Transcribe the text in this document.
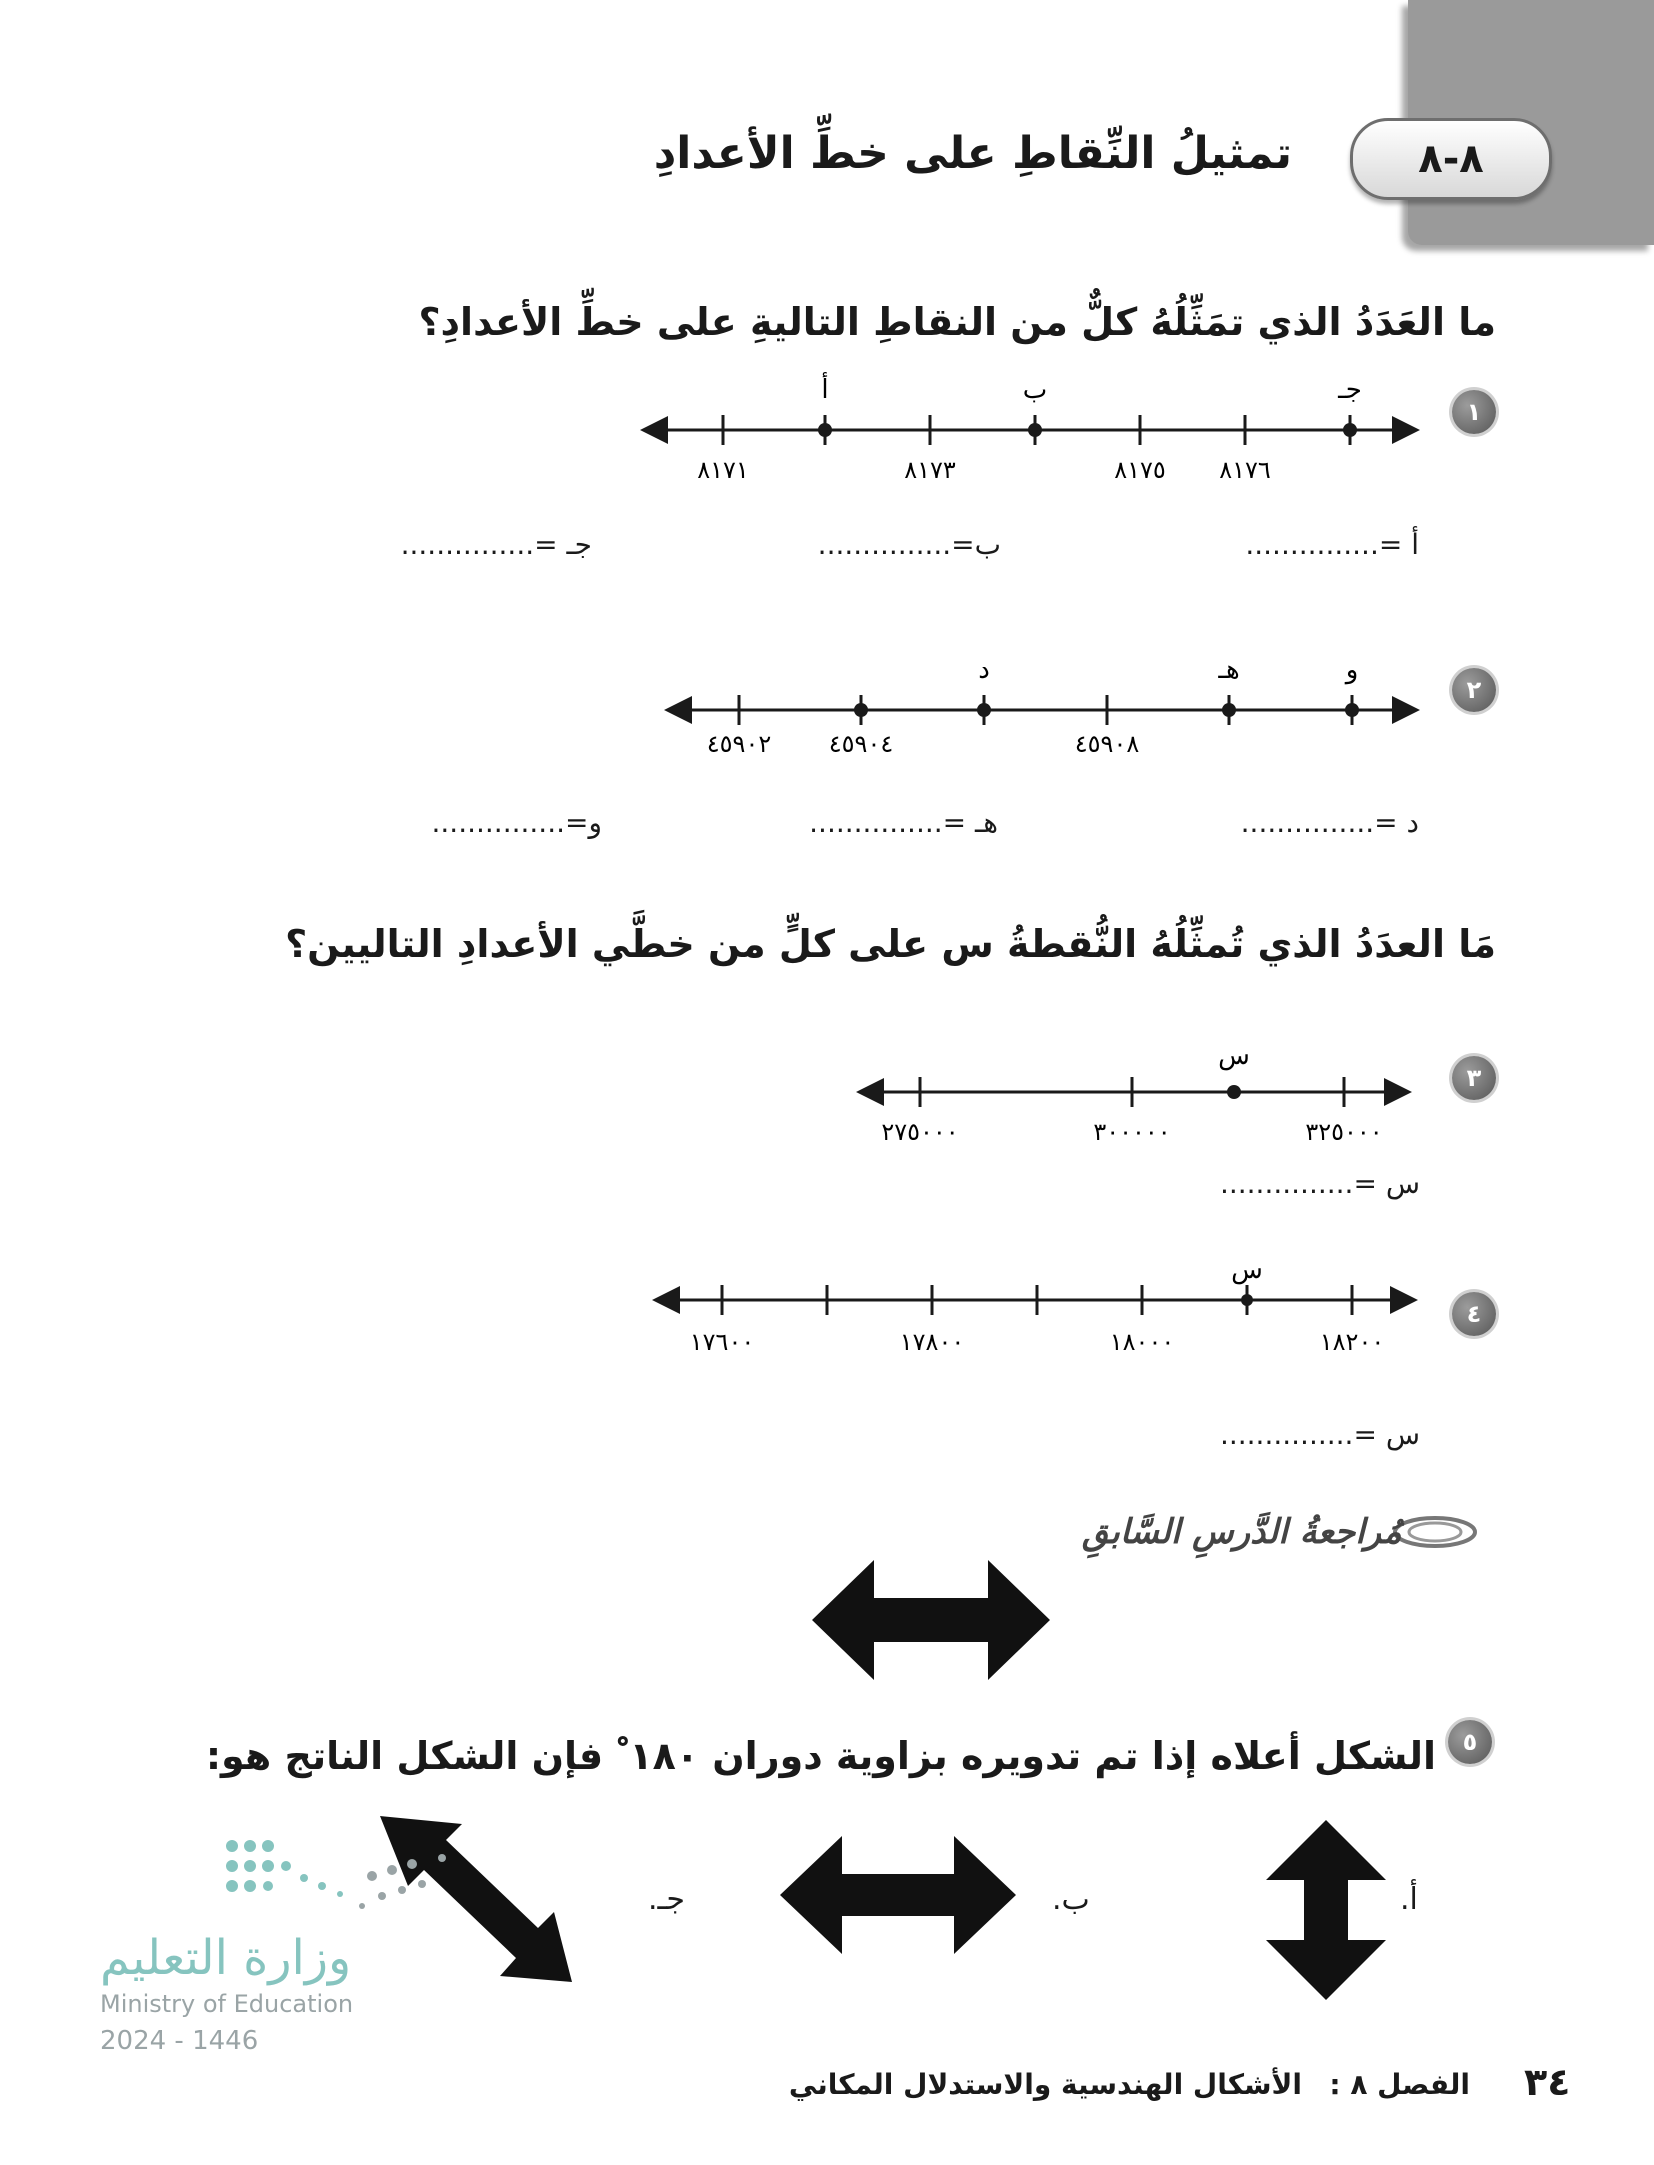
٨-٨
تمثيلُ النِّقاطِ على خطِّ الأعدادِ
ما العَدَدُ الذي تمَثِّلُهُ كلٌّ من النقاطِ التاليةِ على خطِّ الأعدادِ؟
١
أ	ب	جـ
٨١٧١	٨١٧٣	٨١٧٥ ٨١٧٦
أ =...............
ب=...............
جـ =...............
٢
د	هـ	و
٤٥٩٠٢ ٤٥٩٠٤	٤٥٩٠٨
د =...............
هـ =...............
و=...............
مَا العدَدُ الذي تُمثِّلُهُ النُّقطةُ س على كلٍّ من خطَّي الأعدادِ التاليين؟
٣
س
٢٧٥٠٠٠	٣٠٠٠٠٠	٣٢٥٠٠٠
س =...............
٤
س
١٧٦٠٠	١٧٨٠٠	١٨٠٠٠	١٨٢٠٠
س =...............
مُراجعةُ الدَّرسِ السَّابقِ
٥
الشكل أعلاه إذا تم تدويره بزاوية دوران ١٨٠ ْ فإن الشكل الناتج هو:
أ.
ب.
جـ.
وزارة التعليم
Ministry of Education
2024 - 1446
٣٤
الفصل ٨ :
الأشكال الهندسية والاستدلال المكاني
